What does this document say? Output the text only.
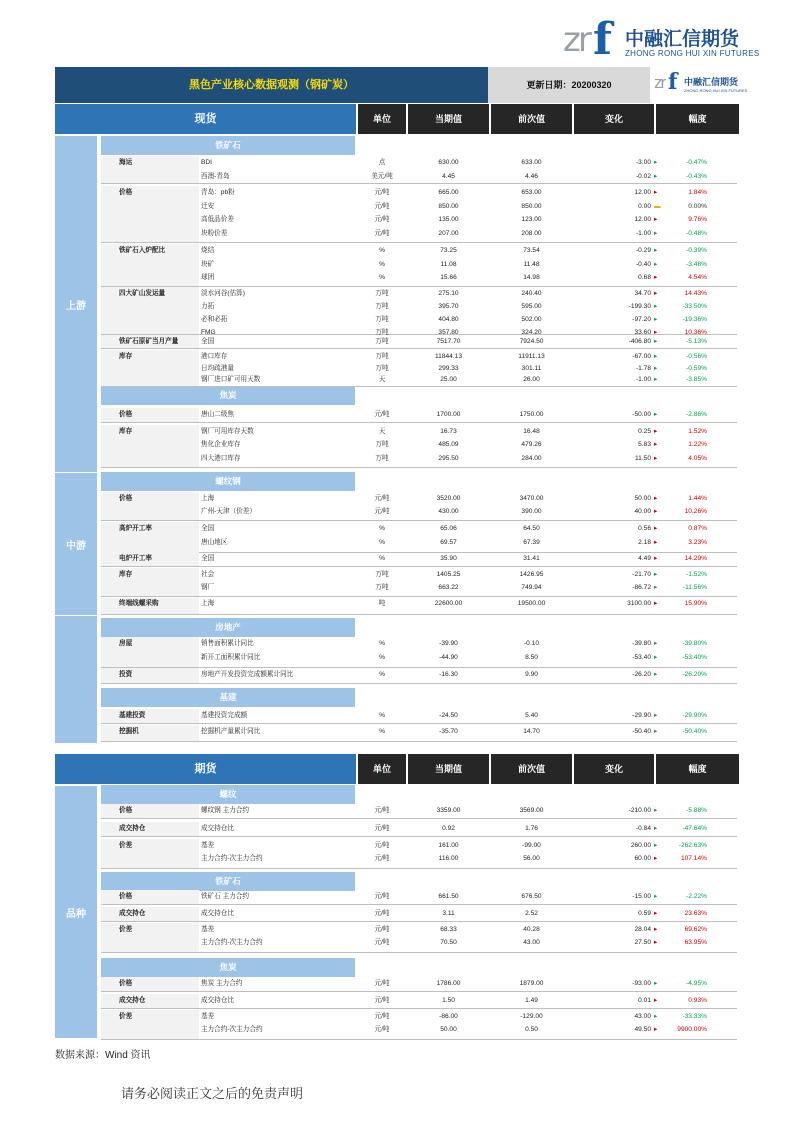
zr f 中融汇信期货
ZHONG RONG HUI XIN FUTURES
黑色产业核心数据观测（钢矿炭）	更新日期：20200320	zr f 中融汇信期货
ZHONG RONG HUI XIN FUTURES
现货	单位	当期值	前次值	变化	幅度
期货	单位	当期值	前次值	变化	幅度
上游
中游
品种
铁矿石
焦炭
螺纹钢
房地产
基建
螺纹
铁矿石
焦炭
海运	BDI	点	630.00	633.00	-3.00 ▸	-0.47%
西澳-青岛	美元/吨	4.45	4.46	-0.02 ▸	-0.43%
价格	青岛：pb粉	元/吨	665.00	653.00	12.00 ▸	1.84%
迁安	元/吨	850.00	850.00	0.00 ▬	0.00%
高低品价差	元/吨	135.00	123.00	12.00 ▸	9.76%
块粉价差	元/吨	207.00	208.00	-1.00 ▸	-0.48%
铁矿石入炉配比	烧结	%	73.25	73.54	-0.29 ▸	-0.39%
块矿	%	11.08	11.48	-0.40 ▸	-3.48%
球团	%	15.66	14.98	0.68 ▸	4.54%
四大矿山发运量	淡水河谷(估算)	万吨	275.10	240.40	34.70 ▸	14.43%
力拓	万吨	395.70	595.00	-199.30 ▸	-33.50%
必和必拓	万吨	404.80	502.00	-97.20 ▸	-19.36%
FMG	万吨	357.80	324.20	33.60 ▸	10.36%
铁矿石原矿当月产量	全国	万吨	7517.70	7924.50	-406.80 ▸	-5.13%
库存	港口库存	万吨	11844.13	11911.13	-67.00 ▸	-0.56%
日均疏港量	万吨	299.33	301.11	-1.78 ▸	-0.59%
钢厂进口矿可用天数	天	25.00	26.00	-1.00 ▸	-3.85%
价格	唐山二级焦	元/吨	1700.00	1750.00	-50.00 ▸	-2.86%
库存	钢厂可用库存天数	天	16.73	16.48	0.25 ▸	1.52%
焦化企业库存	万吨	485.09	479.26	5.83 ▸	1.22%
四大港口库存	万吨	295.50	284.00	11.50 ▸	4.05%
价格	上海	元/吨	3520.00	3470.00	50.00 ▸	1.44%
广州-天津（价差）	元/吨	430.00	390.00	40.00 ▸	10.26%
高炉开工率	全国	%	65.06	64.50	0.56 ▸	0.87%
唐山地区	%	69.57	67.39	2.18 ▸	3.23%
电炉开工率	全国	%	35.90	31.41	4.49 ▸	14.29%
库存	社会	万吨	1405.25	1426.95	-21.70 ▸	-1.52%
钢厂	万吨	663.22	749.94	-86.72 ▸	-11.56%
终端线螺采购	上海	吨	22600.00	19500.00	3100.00 ▸	15.90%
房屋	销售面积累计同比	%	-39.90	-0.10	-39.80 ▸	-39.80%
新开工面积累计同比	%	-44.90	8.50	-53.40 ▸	-53.40%
投资	房地产开发投资完成额累计同比	%	-16.30	9.90	-26.20 ▸	-26.20%
基建投资	基建投资完成额	%	-24.50	5.40	-29.90 ▸	-29.90%
挖掘机	挖掘机产量累计同比	%	-35.70	14.70	-50.40 ▸	-50.40%
价格	螺纹钢 主力合约	元/吨	3359.00	3569.00	-210.00 ▸	-5.88%
成交持仓	成交持仓比	元/吨	0.92	1.76	-0.84 ▸	-47.64%
价差	基差	元/吨	161.00	-99.00	260.00 ▸	-262.63%
主力合约-次主力合约	元/吨	116.00	56.00	60.00 ▸	107.14%
价格	铁矿石 主力合约	元/吨	661.50	676.50	-15.00 ▸	-2.22%
成交持仓	成交持仓比	元/吨	3.11	2.52	0.59 ▸	23.63%
价差	基差	元/吨	68.33	40.28	28.04 ▸	69.62%
主力合约-次主力合约	元/吨	70.50	43.00	27.50 ▸	63.95%
价格	焦炭 主力合约	元/吨	1786.00	1879.00	-93.00 ▸	-4.95%
成交持仓	成交持仓比	元/吨	1.50	1.49	0.01 ▸	0.93%
价差	基差	元/吨	-86.00	-129.00	43.00 ▸	-33.33%
主力合约-次主力合约	元/吨	50.00	0.50	49.50 ▸	9900.00%
数据来源：Wind 资讯
请务必阅读正文之后的免责声明
